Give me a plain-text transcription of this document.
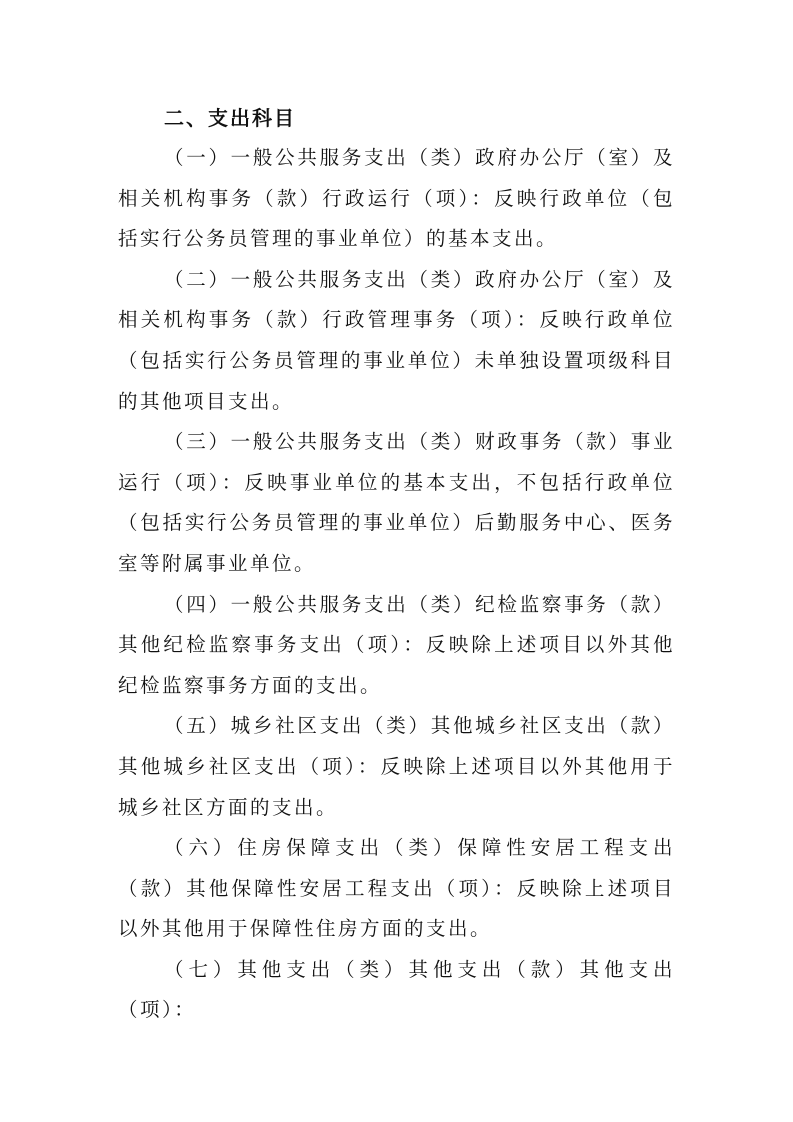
二、支出科目

（一）一般公共服务支出（类）政府办公厅（室）及相关机构事务（款）行政运行（项）：反映行政单位（包括实行公务员管理的事业单位）的基本支出。

（二）一般公共服务支出（类）政府办公厅（室）及相关机构事务（款）行政管理事务（项）：反映行政单位（包括实行公务员管理的事业单位）未单独设置项级科目的其他项目支出。

（三）一般公共服务支出（类）财政事务（款）事业运行（项）：反映事业单位的基本支出，不包括行政单位（包括实行公务员管理的事业单位）后勤服务中心、医务室等附属事业单位。

（四）一般公共服务支出（类）纪检监察事务（款）其他纪检监察事务支出（项）：反映除上述项目以外其他纪检监察事务方面的支出。

（五）城乡社区支出（类）其他城乡社区支出（款）其他城乡社区支出（项）：反映除上述项目以外其他用于城乡社区方面的支出。

（六）住房保障支出（类）保障性安居工程支出（款）其他保障性安居工程支出（项）：反映除上述项目以外其他用于保障性住房方面的支出。

（七）其他支出（类）其他支出（款）其他支出（项）：
